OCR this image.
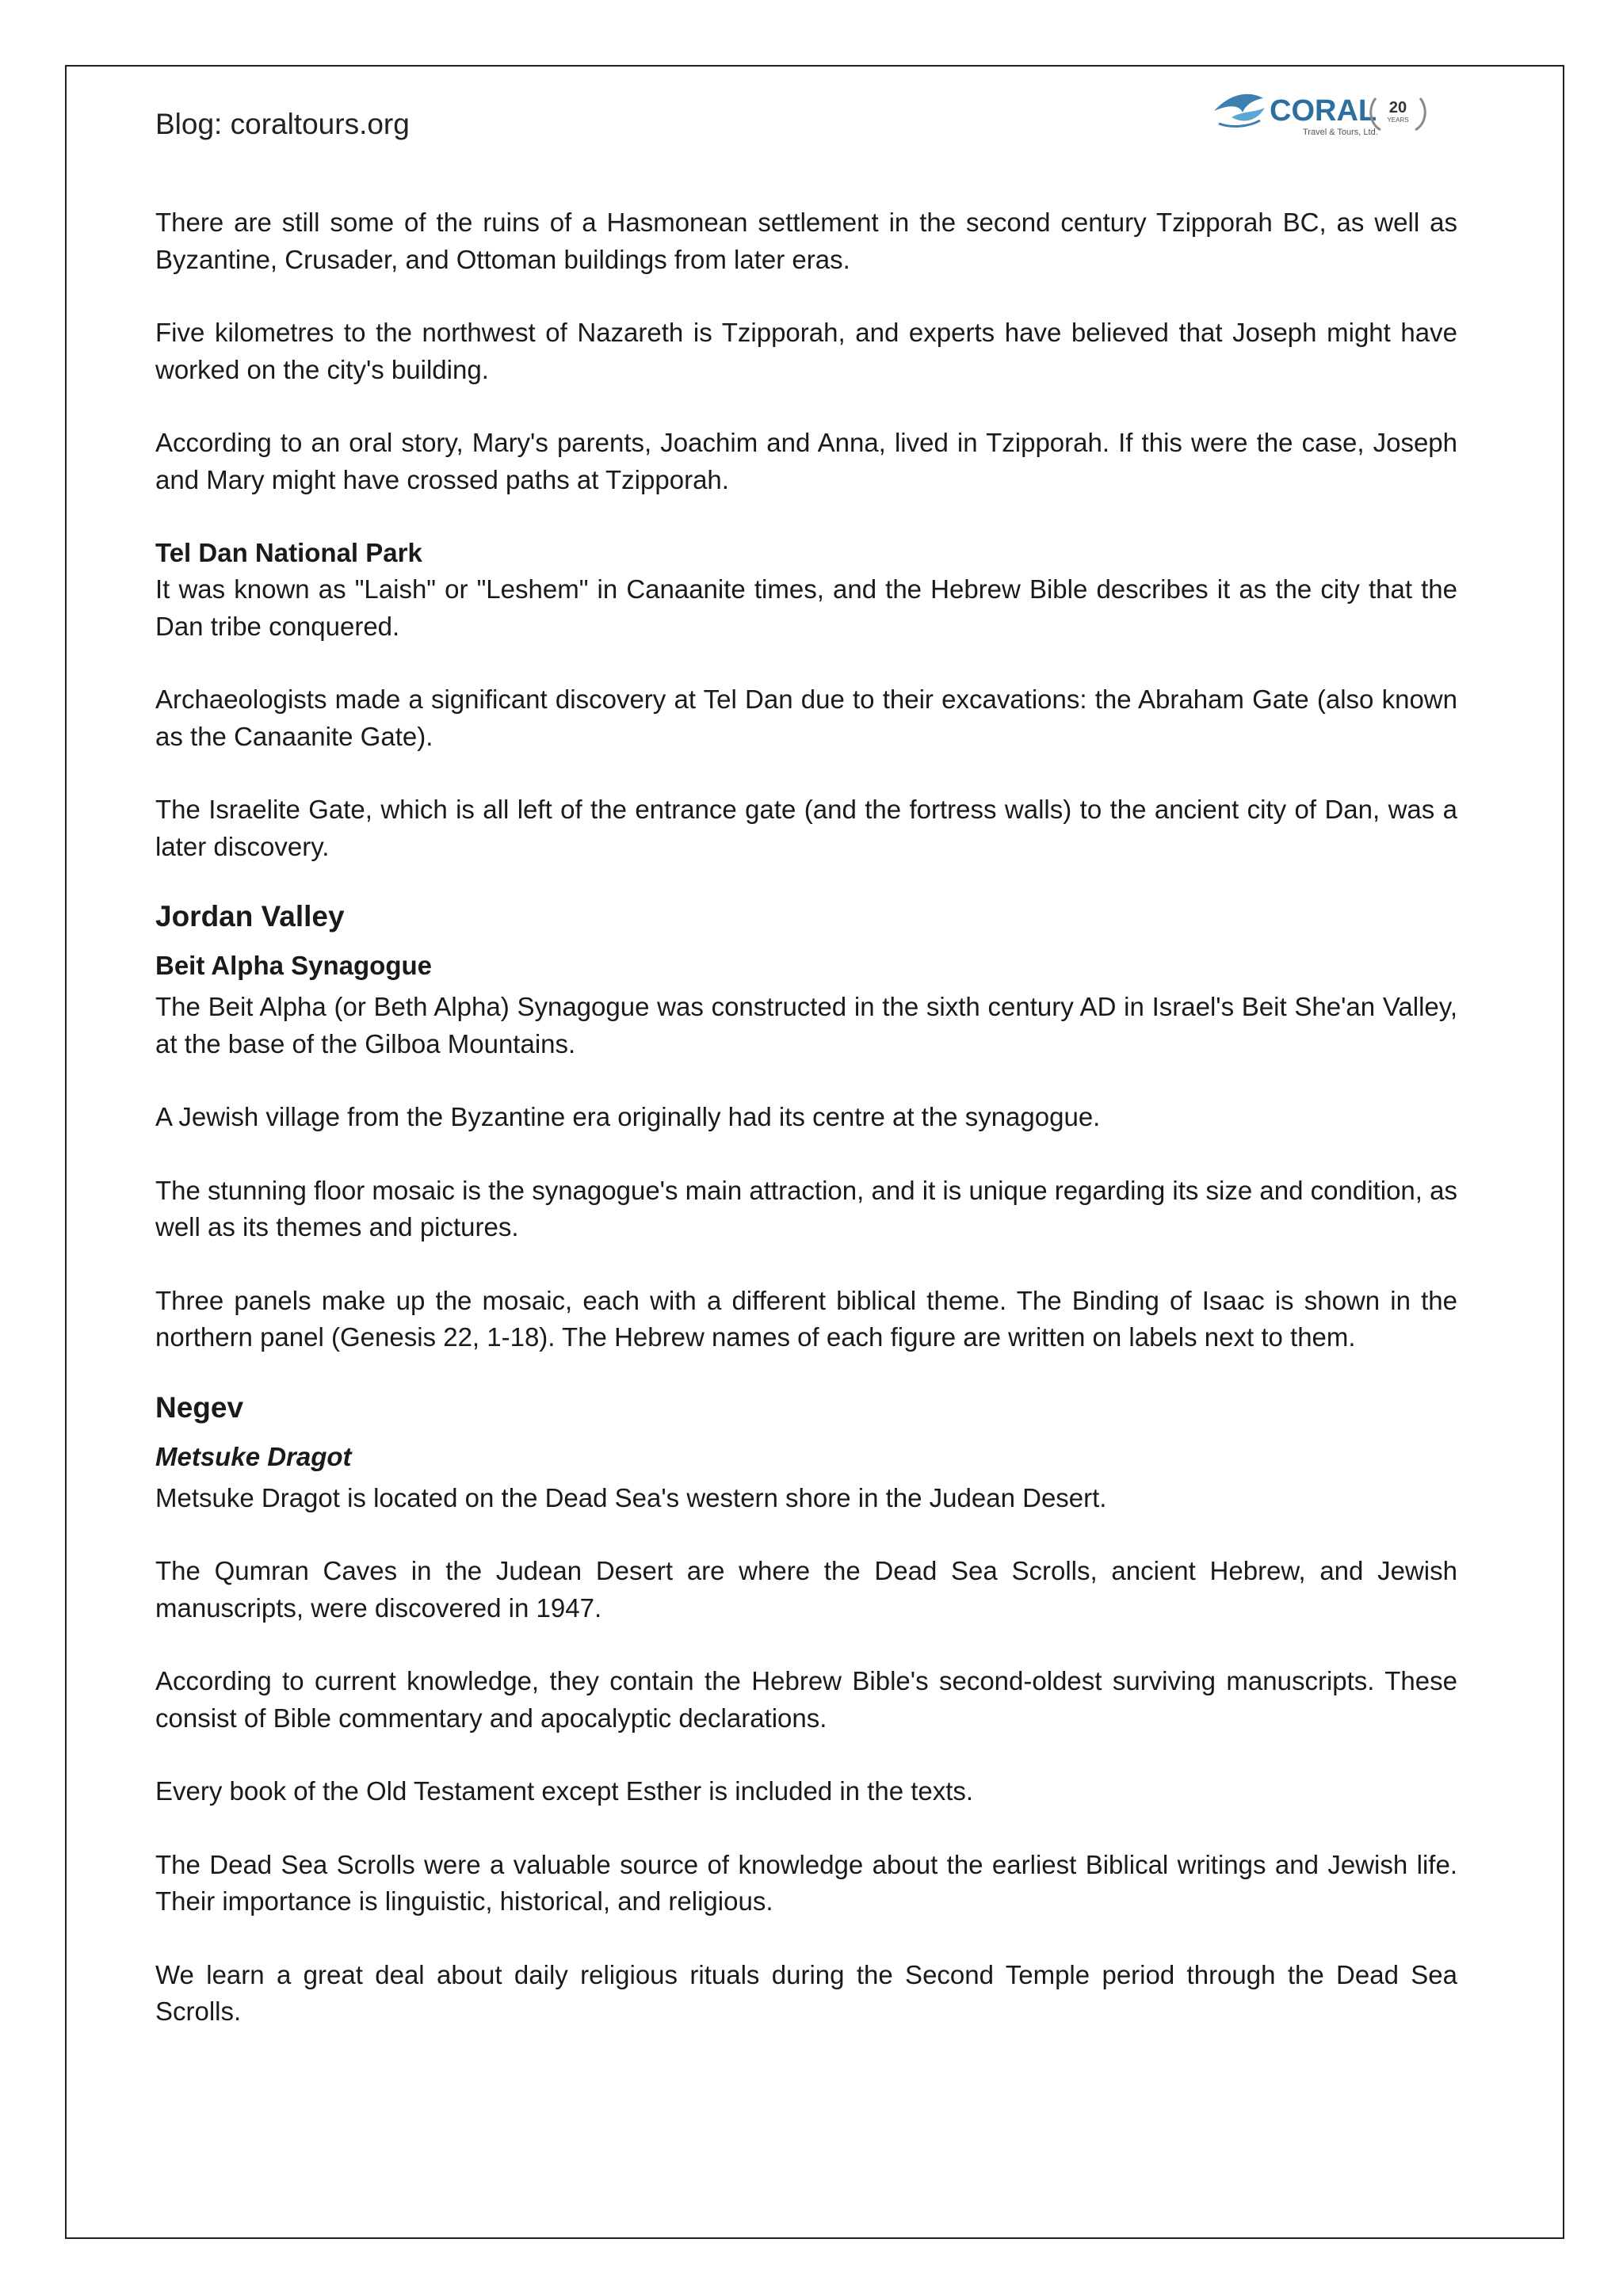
Blog: coraltours.org	CORAL
Travel & Tours, Ltd.
20
YEARS

There are still some of the ruins of a Hasmonean settlement in the second century Tzipporah BC, as well as Byzantine, Crusader, and Ottoman buildings from later eras.

Five kilometres to the northwest of Nazareth is Tzipporah, and experts have believed that Joseph might have worked on the city's building.

According to an oral story, Mary's parents, Joachim and Anna, lived in Tzipporah. If this were the case, Joseph and Mary might have crossed paths at Tzipporah.

Tel Dan National Park

It was known as "Laish" or "Leshem" in Canaanite times, and the Hebrew Bible describes it as the city that the Dan tribe conquered.

Archaeologists made a significant discovery at Tel Dan due to their excavations: the Abraham Gate (also known as the Canaanite Gate).

The Israelite Gate, which is all left of the entrance gate (and the fortress walls) to the ancient city of Dan, was a later discovery.

Jordan Valley
Beit Alpha Synagogue

The Beit Alpha (or Beth Alpha) Synagogue was constructed in the sixth century AD in Israel's Beit She'an Valley, at the base of the Gilboa Mountains.

A Jewish village from the Byzantine era originally had its centre at the synagogue.

The stunning floor mosaic is the synagogue's main attraction, and it is unique regarding its size and condition, as well as its themes and pictures.

Three panels make up the mosaic, each with a different biblical theme. The Binding of Isaac is shown in the northern panel (Genesis 22, 1-18). The Hebrew names of each figure are written on labels next to them.

Negev
Metsuke Dragot

Metsuke Dragot is located on the Dead Sea's western shore in the Judean Desert.

The Qumran Caves in the Judean Desert are where the Dead Sea Scrolls, ancient Hebrew, and Jewish manuscripts, were discovered in 1947.

According to current knowledge, they contain the Hebrew Bible's second-oldest surviving manuscripts. These consist of Bible commentary and apocalyptic declarations.

Every book of the Old Testament except Esther is included in the texts.

The Dead Sea Scrolls were a valuable source of knowledge about the earliest Biblical writings and Jewish life. Their importance is linguistic, historical, and religious.

We learn a great deal about daily religious rituals during the Second Temple period through the Dead Sea Scrolls.
